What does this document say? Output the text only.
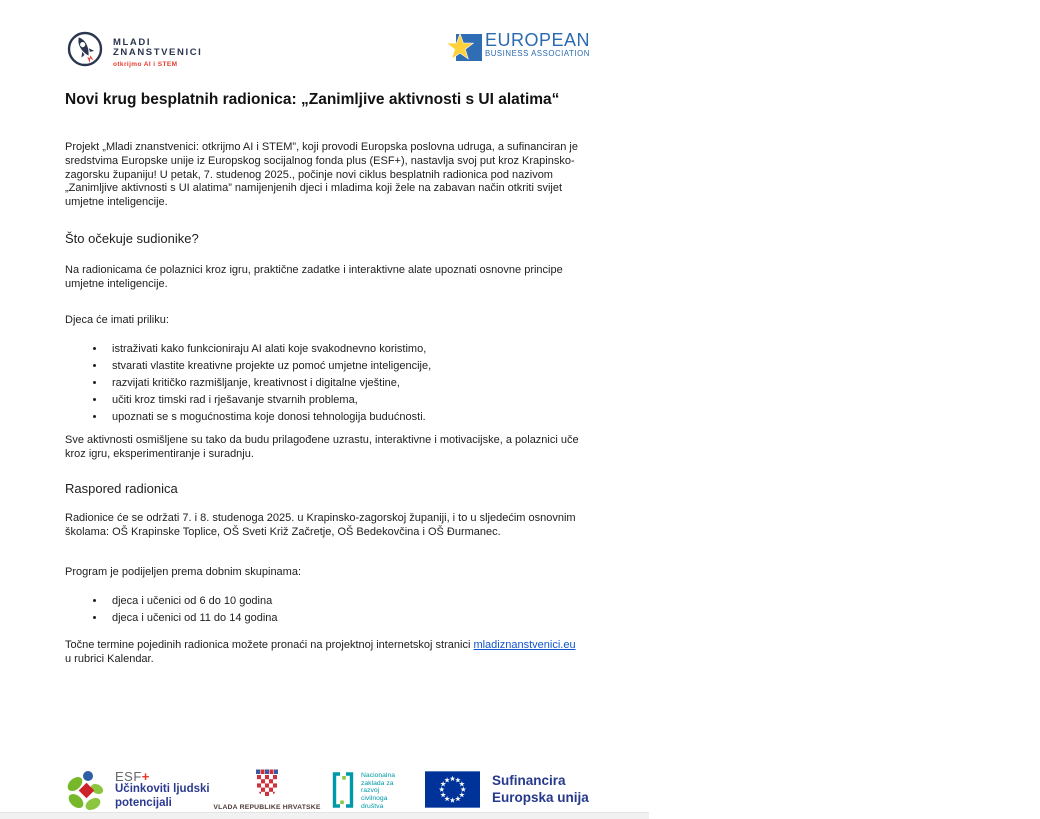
MLADI
ZNANSTVENICI
otkrijmo AI i STEM
EUROPEAN
BUSINESS ASSOCIATION
Novi krug besplatnih radionica: „Zanimljive aktivnosti s UI alatima“

Projekt „Mladi znanstvenici: otkrijmo AI i STEM”, koji provodi Europska poslovna udruga, a sufinanciran je sredstvima Europske unije iz Europskog socijalnog fonda plus (ESF+), nastavlja svoj put kroz Krapinsko-zagorsku županiju! U petak, 7. studenog 2025., počinje novi ciklus besplatnih radionica pod nazivom „Zanimljive aktivnosti s UI alatima” namijenjenih djeci i mladima koji žele na zabavan način otkriti svijet umjetne inteligencije.

Što očekuje sudionike?

Na radionicama će polaznici kroz igru, praktične zadatke i interaktivne alate upoznati osnovne principe umjetne inteligencije.

Djeca će imati priliku:

• istraživati kako funkcioniraju AI alati koje svakodnevno koristimo,
• stvarati vlastite kreativne projekte uz pomoć umjetne inteligencije,
• razvijati kritičko razmišljanje, kreativnost i digitalne vještine,
• učiti kroz timski rad i rješavanje stvarnih problema,
• upoznati se s mogućnostima koje donosi tehnologija budućnosti.

Sve aktivnosti osmišljene su tako da budu prilagođene uzrastu, interaktivne i motivacijske, a polaznici uče kroz igru, eksperimentiranje i suradnju.

Raspored radionica

Radionice će se održati 7. i 8. studenoga 2025. u Krapinsko-zagorskoj županiji, i to u sljedećim osnovnim školama: OŠ Krapinske Toplice, OŠ Sveti Križ Začretje, OŠ Bedekovčina i OŠ Đurmanec.

Program je podijeljen prema dobnim skupinama:

• djeca i učenici od 6 do 10 godina
• djeca i učenici od 11 do 14 godina

Točne termine pojedinih radionica možete pronaći na projektnoj internetskoj stranici mladiznanstvenici.eu u rubrici Kalendar.

ESF+
Učinkoviti ljudski
potencijali	VLADA REPUBLIKE HRVATSKE
Nacionalna
zaklada za
razvoj
civilnoga
društva
Sufinancira
Europska unija
